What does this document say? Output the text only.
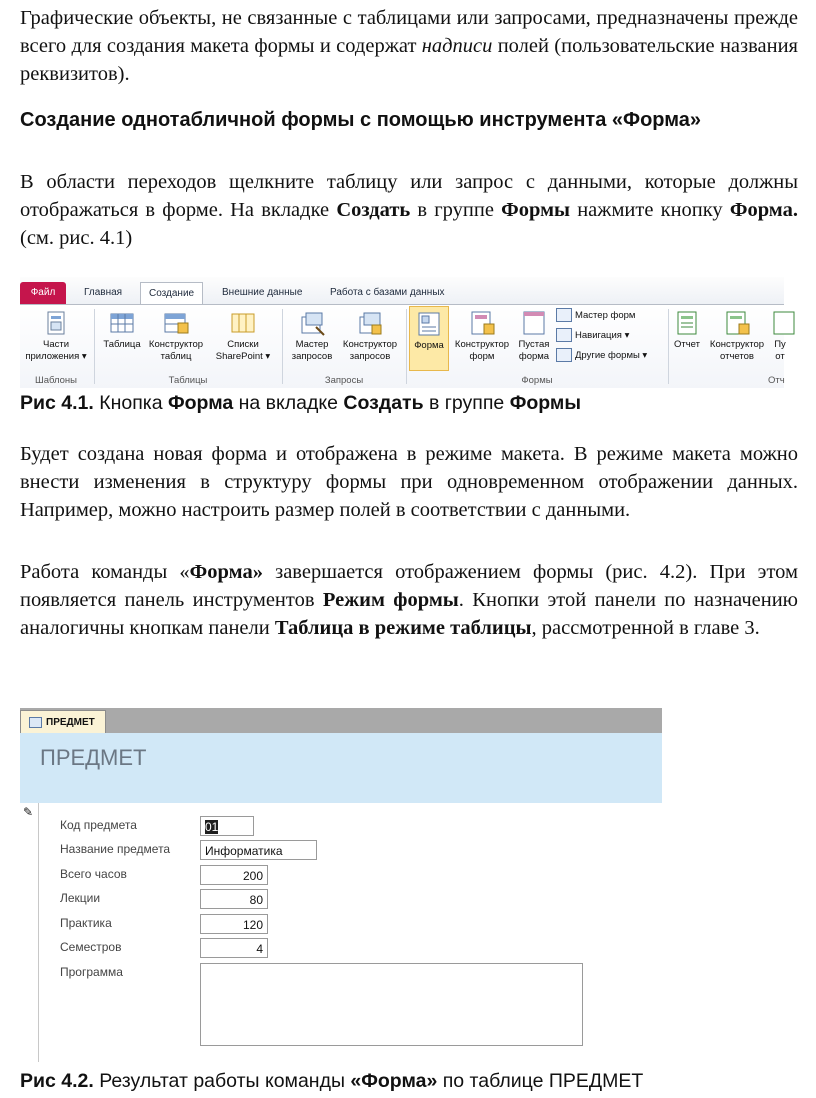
Графические объекты, не связанные с таблицами или запросами, предназначены прежде всего для создания макета формы и содержат надписи полей (пользовательские названия реквизитов).
Создание однотабличной формы с помощью инструмента «Форма»
В области переходов щелкните таблицу или запрос с данными, которые должны отображаться в форме. На вкладке Создать в группе Формы нажмите кнопку Форма. (см. рис. 4.1)
Файл	Главная	Создание	Внешние данные	Работа с базами данных
Части приложения ▾
Шаблоны
Таблица Конструктор таблиц
Списки SharePoint ▾
Таблицы
Мастер запросов
Конструктор запросов
Запросы
Форма	Конструктор форм
Пустая форма
Мастер форм
Навигация ▾
Другие формы ▾
Формы
Отчет	Конструктор отчетов
Пу от
Отч
Рис 4.1. Кнопка Форма на вкладке Создать в группе Формы
Будет создана новая форма и отображена в режиме макета. В режиме макета можно внести изменения в структуру формы при одновременном отображении данных. Например, можно настроить размер полей в соответствии с данными.
Работа команды «Форма» завершается отображением формы (рис. 4.2). При этом появляется панель инструментов Режим формы. Кнопки этой панели по назначению аналогичны кнопкам панели Таблица в режиме таблицы, рассмотренной в главе 3.
ПРЕДМЕТ
ПРЕДМЕТ
✎
Код предмета	01
Название предмета	Информатика
Всего часов	200
Лекции	80
Практика	120
Семестров	4
Программа
Рис 4.2. Результат работы команды «Форма» по таблице ПРЕДМЕТ
